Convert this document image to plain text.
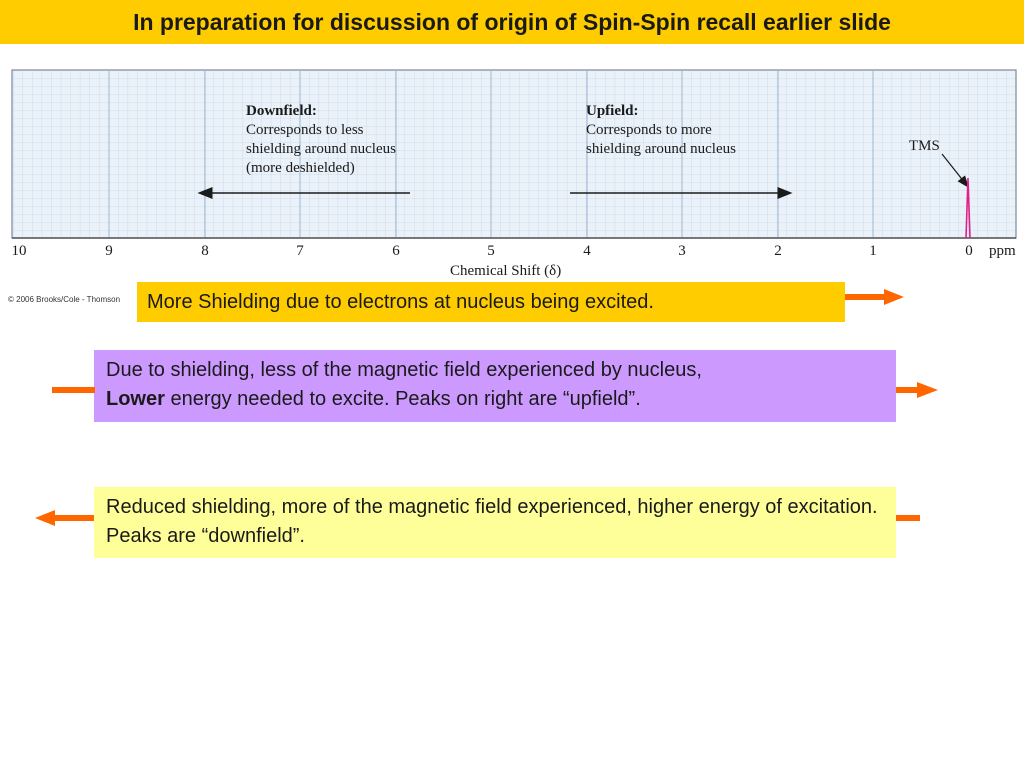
In preparation for discussion of origin of Spin-Spin recall earlier slide
Downfield:
Corresponds to less
shielding around nucleus
(more deshielded)
Upfield:
Corresponds to more
shielding around nucleus	TMS
10	9	8	7	6	5	4	3	2	1	0 ppm
Chemical Shift (δ)
© 2006 Brooks/Cole - Thomson	More Shielding due to electrons at nucleus being excited.
Due to shielding, less of the magnetic field experienced by nucleus,
Lower energy needed to excite. Peaks on right are “upfield”.
Reduced shielding, more of the magnetic field experienced, higher energy of excitation. Peaks are “downfield”.
